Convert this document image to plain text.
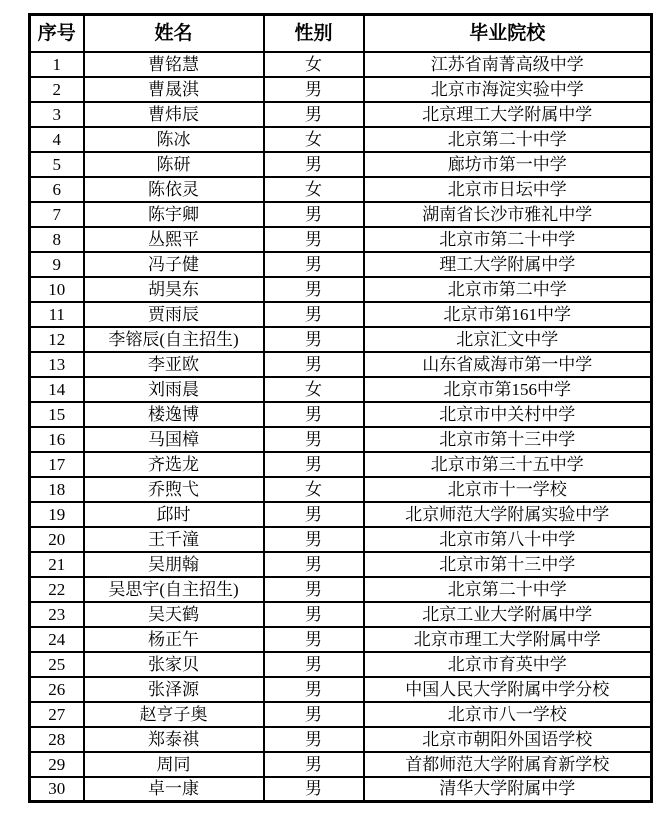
序号	姓名	性别	毕业院校
1	曹铭慧	女	江苏省南菁高级中学
2	曹晟淇	男	北京市海淀实验中学
3	曹炜辰	男	北京理工大学附属中学
4	陈冰	女	北京第二十中学
5	陈研	男	廊坊市第一中学
6	陈依灵	女	北京市日坛中学
7	陈宇卿	男	湖南省长沙市雅礼中学
8	丛熙平	男	北京市第二十中学
9	冯子健	男	理工大学附属中学
10	胡昊东	男	北京市第二中学
11	贾雨辰	男	北京市第161中学
12	李镕辰(自主招生)	男	北京汇文中学
13	李亚欧	男	山东省威海市第一中学
14	刘雨晨	女	北京市第156中学
15	楼逸博	男	北京市中关村中学
16	马国樟	男	北京市第十三中学
17	齐选龙	男	北京市第三十五中学
18	乔煦弋	女	北京市十一学校
19	邱时	男	北京师范大学附属实验中学
20	王千潼	男	北京市第八十中学
21	吴朋翰	男	北京市第十三中学
22	吴思宇(自主招生)	男	北京第二十中学
23	吴天鹤	男	北京工业大学附属中学
24	杨正午	男	北京市理工大学附属中学
25	张家贝	男	北京市育英中学
26	张泽源	男	中国人民大学附属中学分校
27	赵亨子奥	男	北京市八一学校
28	郑泰祺	男	北京市朝阳外国语学校
29	周同	男	首都师范大学附属育新学校
30	卓一康	男	清华大学附属中学
